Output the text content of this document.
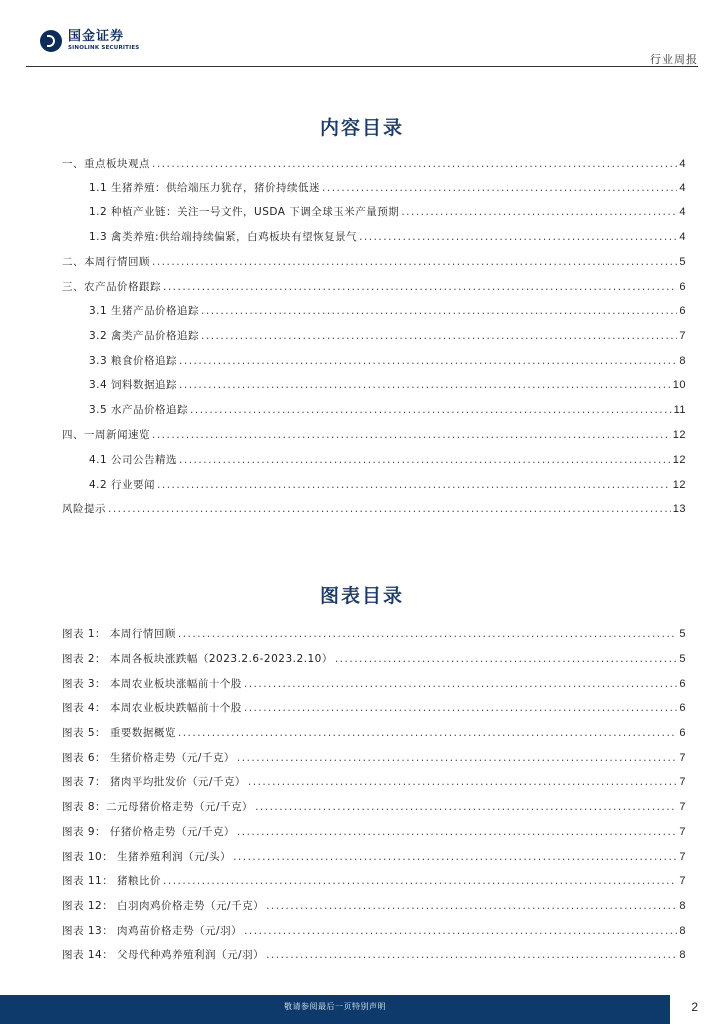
国金证券
SINOLINK SECURITIES
行业周报
内容目录
一、重点板块观点 .....	4
1.1 生猪养殖：供给端压力犹存，猪价持续低迷 .....	4
1.2 种植产业链：关注一号文件，USDA 下调全球玉米产量预期 .....	4
1.3 禽类养殖:供给端持续偏紧，白鸡板块有望恢复景气 .....	4
二、本周行情回顾 .....	5
三、农产品价格跟踪 .....	6
3.1 生猪产品价格追踪 .....	6
3.2 禽类产品价格追踪 .....	7
3.3 粮食价格追踪 .....	8
3.4 饲料数据追踪 .....	10
3.5 水产品价格追踪 .....	11
四、一周新闻速览 .....	12
4.1 公司公告精选 .....	12
4.2 行业要闻 .....	12
风险提示 .....	13
图表目录
图表 1： 本周行情回顾 .....	5
图表 2： 本周各板块涨跌幅（2023.2.6-2023.2.10） .....	5
图表 3： 本周农业板块涨幅前十个股 .....	6
图表 4： 本周农业板块跌幅前十个股 .....	6
图表 5： 重要数据概览 .....	6
图表 6： 生猪价格走势（元/千克） .....	7
图表 7： 猪肉平均批发价（元/千克） .....	7
图表 8：二元母猪价格走势（元/千克） .....	7
图表 9： 仔猪价格走势（元/千克） .....	7
图表 10： 生猪养殖利润（元/头） .....	7
图表 11： 猪粮比价 .....	7
图表 12： 白羽肉鸡价格走势（元/千克） .....	8
图表 13： 肉鸡苗价格走势（元/羽） .....	8
图表 14： 父母代种鸡养殖利润（元/羽） .....	8
敬请参阅最后一页特别声明	2
